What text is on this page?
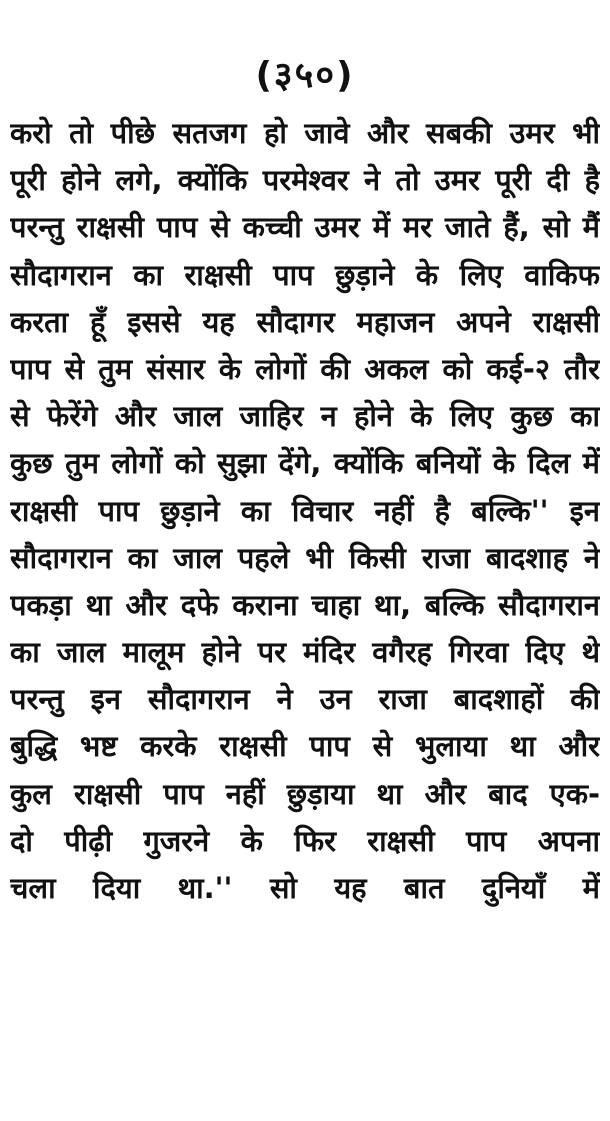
(३५०)
करो तो पीछे सतजग हो जावे और सबकी उमर भी
पूरी होने लगे, क्योंकि परमेश्वर ने तो उमर पूरी दी है
परन्तु राक्षसी पाप से कच्ची उमर में मर जाते हैं, सो मैं
सौदागरान का राक्षसी पाप छुड़ाने के लिए वाकिफ
करता हूँ इससे यह सौदागर महाजन अपने राक्षसी
पाप से तुम संसार के लोगों की अकल को कई-२ तौर
से फेरेंगे और जाल जाहिर न होने के लिए कुछ का
कुछ तुम लोगों को सुझा देंगे, क्योंकि बनियों के दिल में
राक्षसी पाप छुड़ाने का विचार नहीं है बल्कि'' इन
सौदागरान का जाल पहले भी किसी राजा बादशाह ने
पकड़ा था और दफे कराना चाहा था, बल्कि सौदागरान
का जाल मालूम होने पर मंदिर वगैरह गिरवा दिए थे
परन्तु इन सौदागरान ने उन राजा बादशाहों की
बुद्धि भष्ट करके राक्षसी पाप से भुलाया था और
कुल राक्षसी पाप नहीं छुड़ाया था और बाद एक-
दो पीढ़ी गुजरने के फिर राक्षसी पाप अपना
चला दिया था.'' सो यह बात दुनियाँ में
